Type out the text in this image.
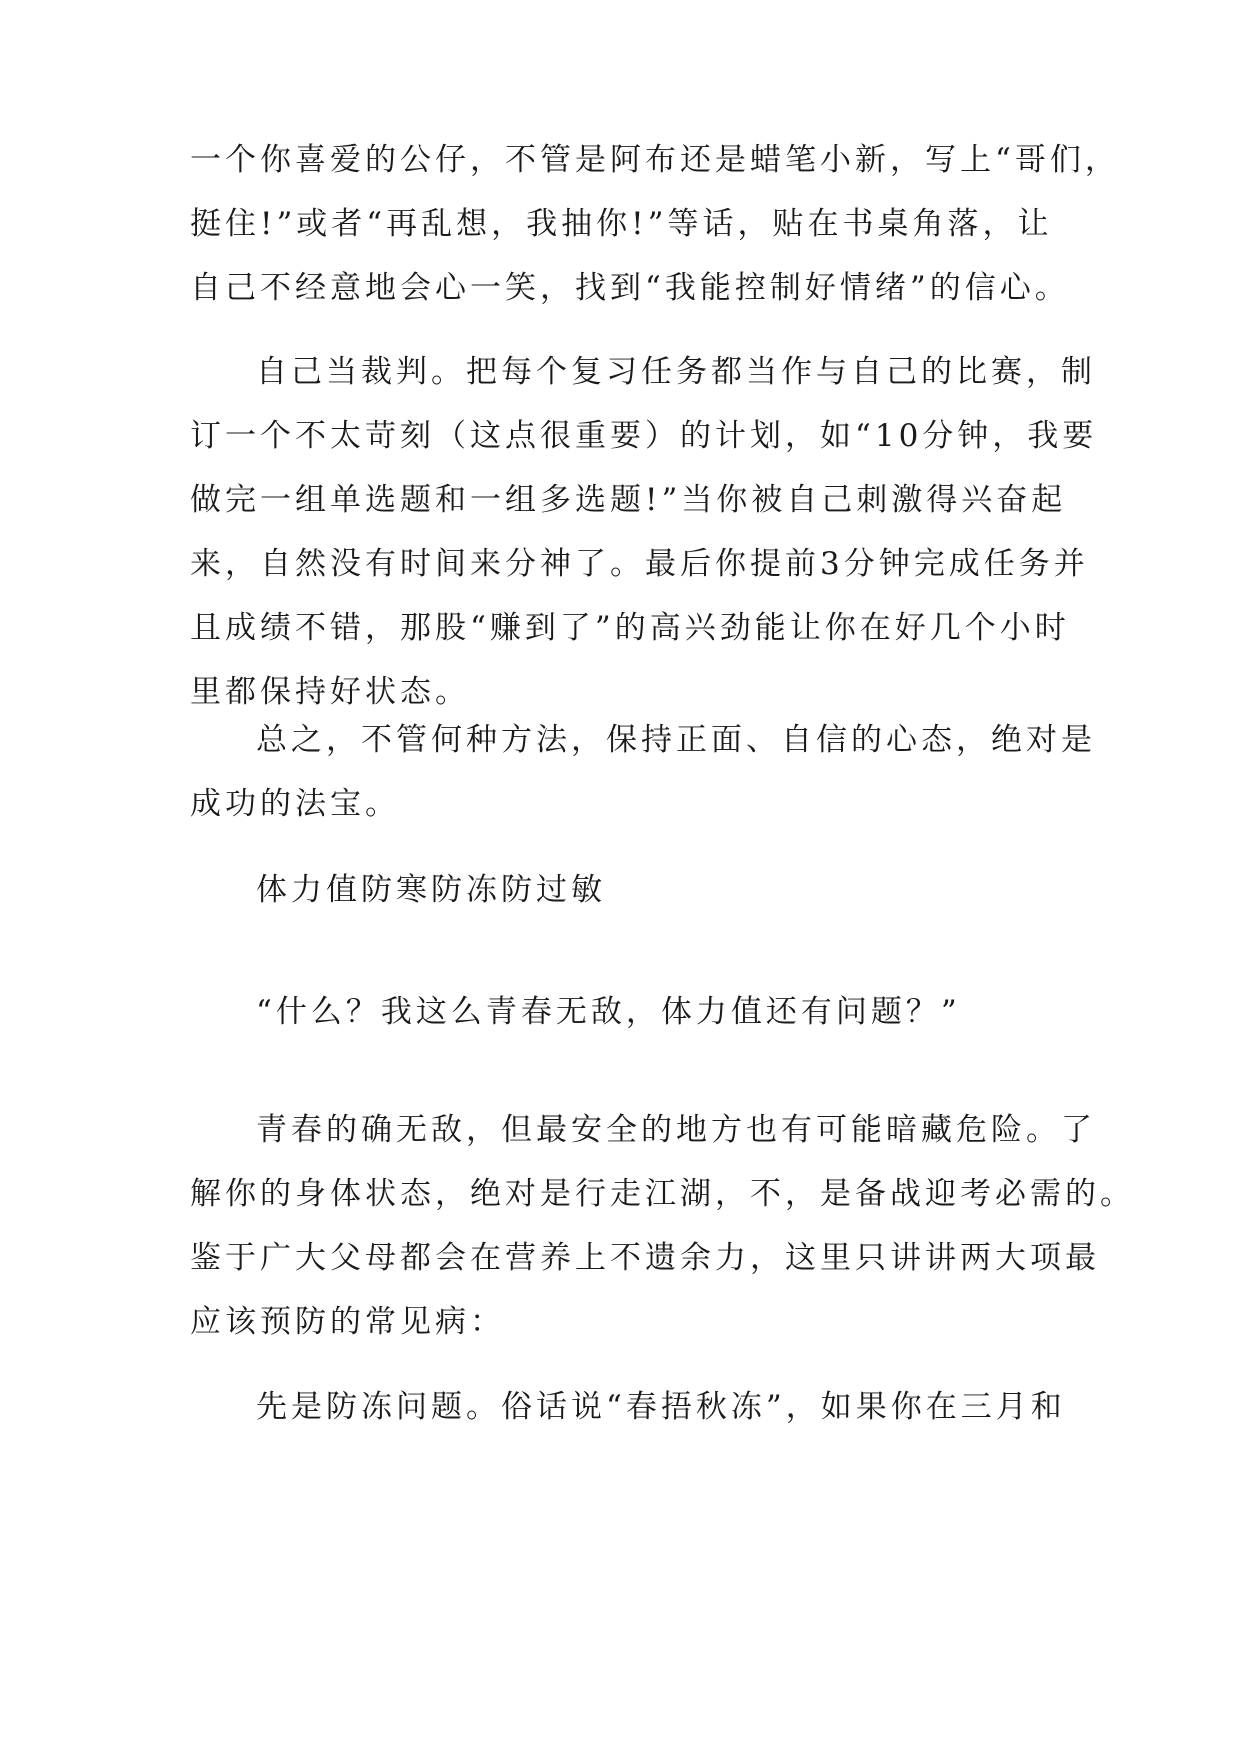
一个你喜爱的公仔，不管是阿布还是蜡笔小新，写上“哥们，
挺住!”或者“再乱想，我抽你!”等话，贴在书桌角落，让
自己不经意地会心一笑，找到“我能控制好情绪”的信心。

自己当裁判。把每个复习任务都当作与自己的比赛，制
订一个不太苛刻（这点很重要）的计划，如“10分钟，我要
做完一组单选题和一组多选题!”当你被自己刺激得兴奋起
来，自然没有时间来分神了。最后你提前3分钟完成任务并
且成绩不错，那股“赚到了”的高兴劲能让你在好几个小时
里都保持好状态。

总之，不管何种方法，保持正面、自信的心态，绝对是
成功的法宝。

体力值防寒防冻防过敏

“什么？我这么青春无敌，体力值还有问题？”

青春的确无敌，但最安全的地方也有可能暗藏危险。了
解你的身体状态，绝对是行走江湖，不，是备战迎考必需的。
鉴于广大父母都会在营养上不遗余力，这里只讲讲两大项最
应该预防的常见病：

先是防冻问题。俗话说“春捂秋冻”，如果你在三月和
